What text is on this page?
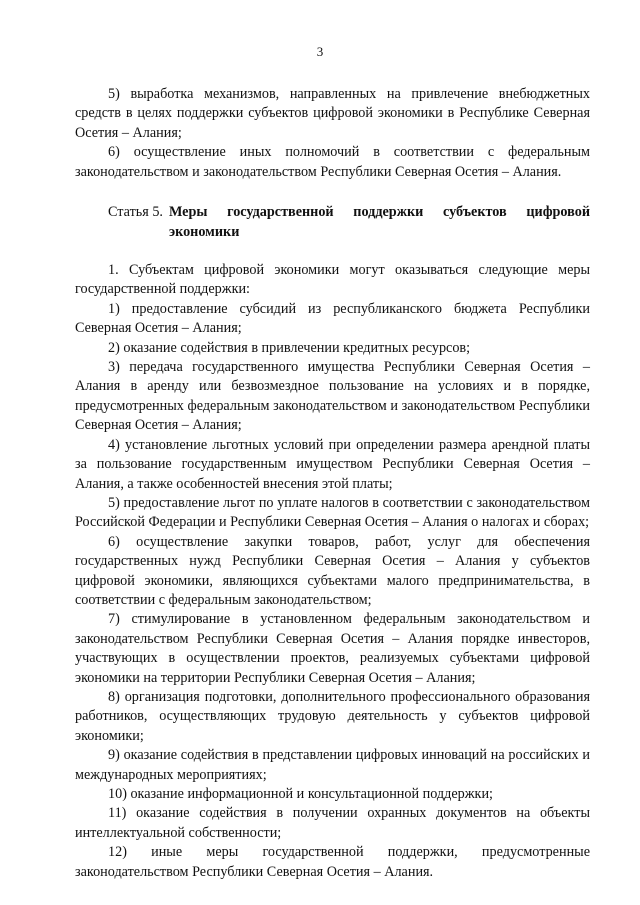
3

5) выработка механизмов, направленных на привлечение внебюджетных средств в целях поддержки субъектов цифровой экономики в Республике Северная Осетия – Алания;

6) осуществление иных полномочий в соответствии с федеральным законодательством и законодательством Республики Северная Осетия – Алания.

Статья 5. Меры государственной поддержки субъектов цифровой экономики

1. Субъектам цифровой экономики могут оказываться следующие меры государственной поддержки:

1) предоставление субсидий из республиканского бюджета Республики Северная Осетия – Алания;

2) оказание содействия в привлечении кредитных ресурсов;

3) передача государственного имущества Республики Северная Осетия – Алания в аренду или безвозмездное пользование на условиях и в порядке, предусмотренных федеральным законодательством и законодательством Республики Северная Осетия – Алания;

4) установление льготных условий при определении размера арендной платы за пользование государственным имуществом Республики Северная Осетия – Алания, а также особенностей внесения этой платы;

5) предоставление льгот по уплате налогов в соответствии с законодательством Российской Федерации и Республики Северная Осетия – Алания о налогах и сборах;

6) осуществление закупки товаров, работ, услуг для обеспечения государственных нужд Республики Северная Осетия – Алания у субъектов цифровой экономики, являющихся субъектами малого предпринимательства, в соответствии с федеральным законодательством;

7) стимулирование в установленном федеральным законодательством и законодательством Республики Северная Осетия – Алания порядке инвесторов, участвующих в осуществлении проектов, реализуемых субъектами цифровой экономики на территории Республики Северная Осетия – Алания;

8) организация подготовки, дополнительного профессионального образования работников, осуществляющих трудовую деятельность у субъектов цифровой экономики;

9) оказание содействия в представлении цифровых инноваций на российских и международных мероприятиях;

10) оказание информационной и консультационной поддержки;

11) оказание содействия в получении охранных документов на объекты интеллектуальной собственности;

12) иные меры государственной поддержки, предусмотренные законодательством Республики Северная Осетия – Алания.
